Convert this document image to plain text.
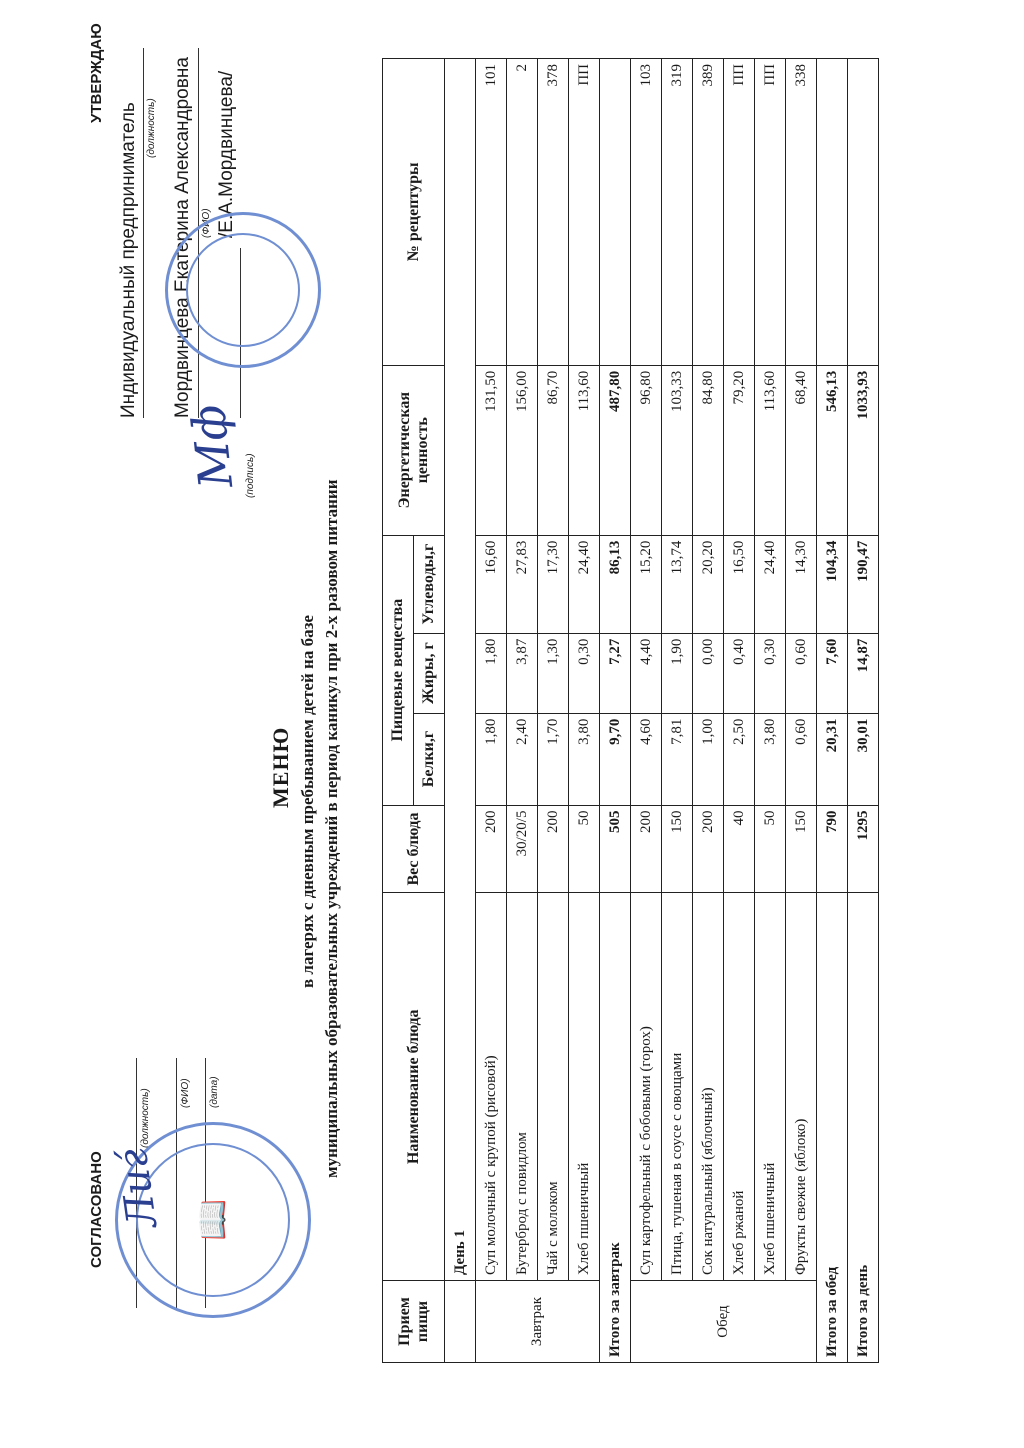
СОГЛАСОВАНО
(должность)	(ФИО) (дата)
📖
Лиѓ
УТВЕРЖДАЮ
Индивидуальный предприниматель (должность) Мордвинцева Екатерина Александровна (ФИО)
(подпись)
/Е.А.Мордвинцева/
Мф
МЕНЮ в лагерях с дневным пребыванием детей на базе муниципальных образовательных учреждений в период каникул при 2-х разовом питании
Прием пищи	Наименование блюда	Вес блюда	Пищевые вещества			Энергетическая ценность	№ рецептуры
			Белки,г	Жиры, г	Углеводы,г		
	День 1						
Завтрак	Суп молочный с крупой (рисовой)	200	1,80	1,80	16,60	131,50	101
	Бутерброд с повидлом	30/20/5	2,40	3,87	27,83	156,00	2
	Чай с молоком	200	1,70	1,30	17,30	86,70	378
	Хлеб пшеничный	50	3,80	0,30	24,40	113,60	ПП
Итого за завтрак		505	9,70	7,27	86,13	487,80	
Обед	Суп картофельный с бобовыми (горох)	200	4,60	4,40	15,20	96,80	103
	Птица, тушеная в соусе с овощами	150	7,81	1,90	13,74	103,33	319
	Сок натуральный (яблочный)	200	1,00	0,00	20,20	84,80	389
	Хлеб ржаной	40	2,50	0,40	16,50	79,20	ПП
	Хлеб пшеничный	50	3,80	0,30	24,40	113,60	ПП
	Фрукты свежие (яблоко)	150	0,60	0,60	14,30	68,40	338
Итого за обед		790	20,31	7,60	104,34	546,13	
Итого за день		1295	30,01	14,87	190,47	1033,93	
